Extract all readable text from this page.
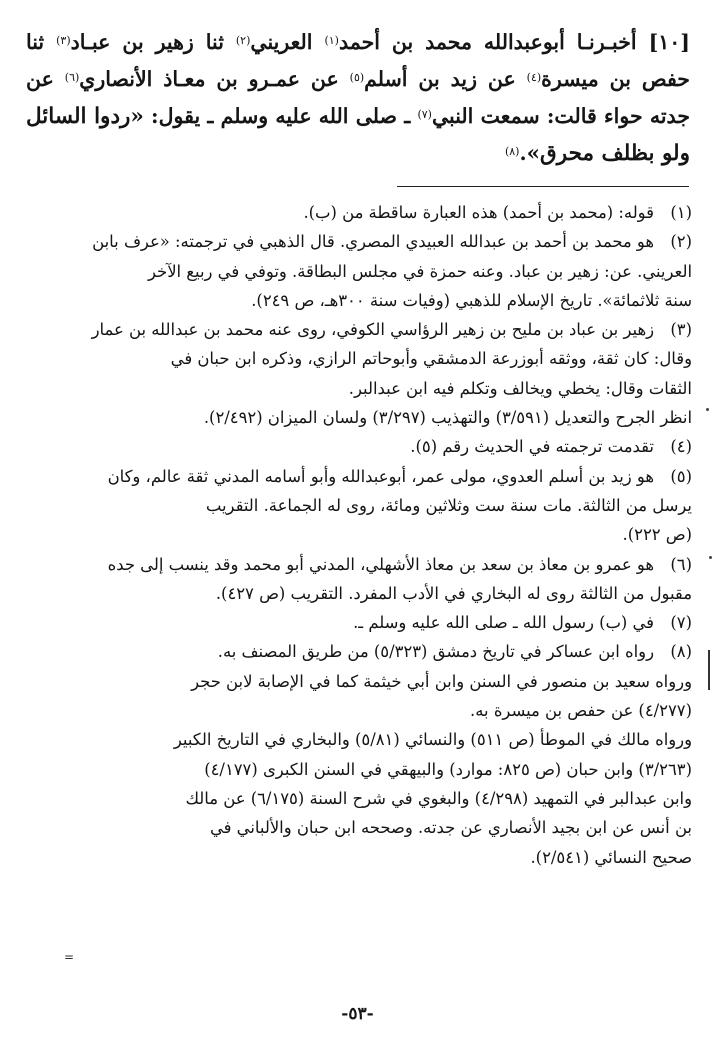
[١٠] أخبـرنـا أبوعبدالله محمد بن أحمد$^{(١)}$ العريني$^{(٢)}$ ثنا زهير بن عبـاد$^{(٣)}$ ثنا حفص بن ميسرة$^{(٤)}$ عن زيد بن أسلم$^{(٥)}$ عن عمـرو بن معـاذ الأنصاري$^{(٦)}$ عن جدته حواء قالت: سمعت النبي$^{(٧)}$ ـ صلى الله عليه وسلم ـ يقول: «ردوا السائل ولو بظلف محرق».$^{(٨)}$

(١)قوله: (محمد بن أحمد) هذه العبارة ساقطة من (ب).
(٢)هو محمد بن أحمد بن عبدالله العبيدي المصري. قال الذهبي في ترجمته: «عرف بابن
العريني. عن: زهير بن عباد. وعنه حمزة في مجلس البطاقة. وتوفي في ربيع الآخر
سنة ثلاثمائة». تاريخ الإسلام للذهبي (وفيات سنة ٣٠٠هـ، ص ٢٤٩).
(٣)زهير بن عباد بن مليح بن زهير الرؤاسي الكوفي، روى عنه محمد بن عبدالله بن عمار
وقال: كان ثقة، ووثقه أبوزرعة الدمشقي وأبوحاتم الرازي، وذكره ابن حبان في
الثقات وقال: يخطي ويخالف وتكلم فيه ابن عبدالبر.
انظر الجرح والتعديل (٣/٥٩١) والتهذيب (٣/٢٩٧) ولسان الميزان (٢/٤٩٢).
(٤)تقدمت ترجمته في الحديث رقم (٥).
(٥)هو زيد بن أسلم العدوي، مولى عمر، أبوعبدالله وأبو أسامه المدني ثقة عالم، وكان
يرسل من الثالثة. مات سنة ست وثلاثين ومائة، روى له الجماعة. التقريب
(ص ٢٢٢).
(٦)هو عمرو بن معاذ بن سعد بن معاذ الأشهلي، المدني أبو محمد وقد ينسب إلى جده
مقبول من الثالثة روى له البخاري في الأدب المفرد. التقريب (ص ٤٢٧).
(٧)في (ب) رسول الله ـ صلى الله عليه وسلم ـ.
(٨)رواه ابن عساكر في تاريخ دمشق (٥/٣٢٣) من طريق المصنف به.
ورواه سعيد بن منصور في السنن وابن أبي خيثمة كما في الإصابة لابن حجر
(٤/٢٧٧) عن حفص بن ميسرة به.
ورواه مالك في الموطأ (ص ٥١١) والنسائي (٥/٨١) والبخاري في التاريخ الكبير
(٣/٢٦٣) وابن حبان (ص ٨٢٥: موارد) والبيهقي في السنن الكبرى (٤/١٧٧)
وابن عبدالبر في التمهيد (٤/٢٩٨) والبغوي في شرح السنة (٦/١٧٥) عن مالك
بن أنس عن ابن بجيد الأنصاري عن جدته. وصححه ابن حبان والألباني في
صحيح النسائي (٢/٥٤١).
=
-٥٣-
